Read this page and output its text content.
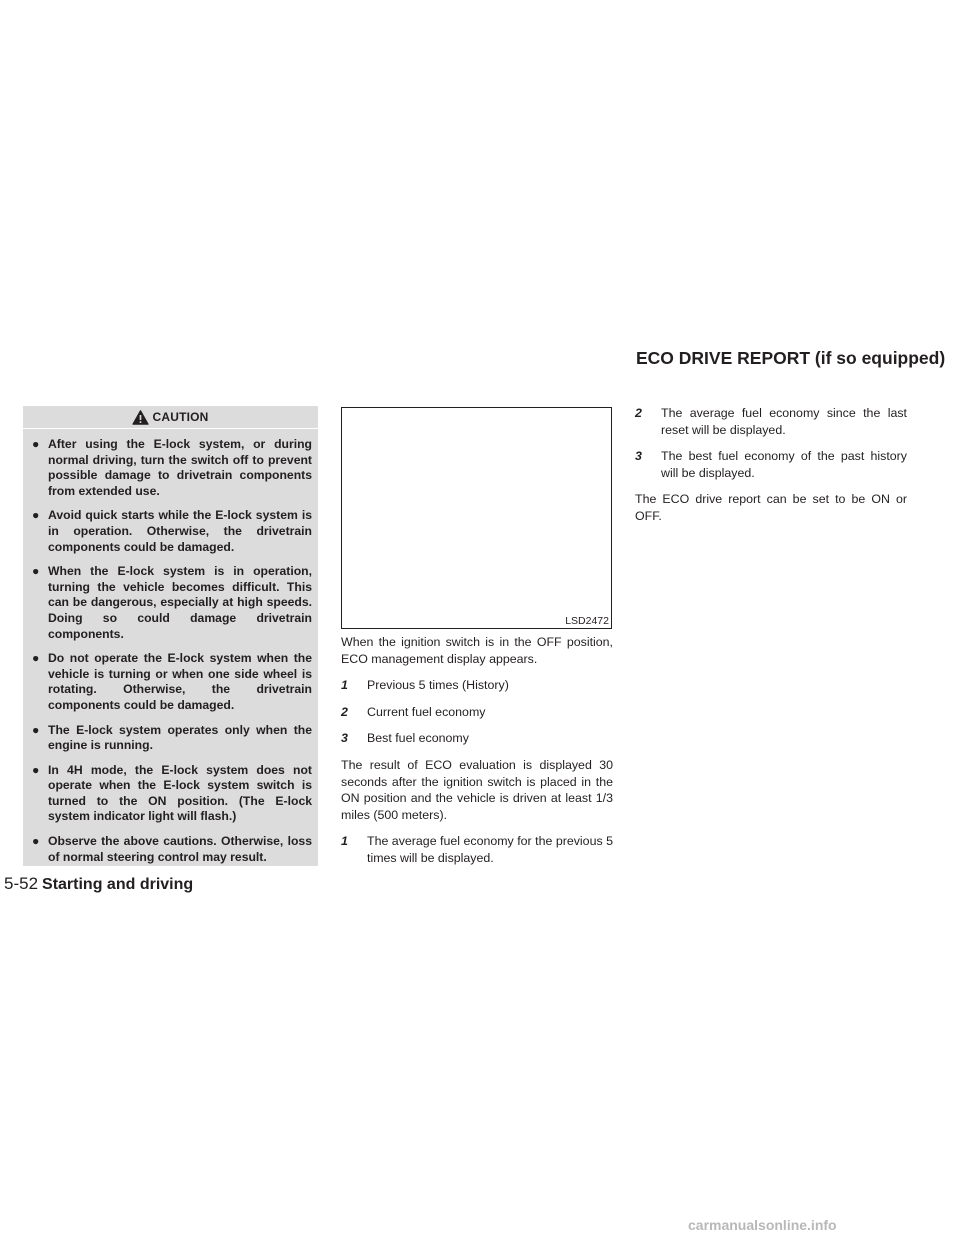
ECO DRIVE REPORT (if so equipped)
CAUTION
● After using the E-lock system, or during normal driving, turn the switch off to prevent possible damage to drivetrain components from extended use.
● Avoid quick starts while the E-lock system is in operation. Otherwise, the drivetrain components could be damaged.
● When the E-lock system is in operation, turning the vehicle becomes difficult. This can be dangerous, especially at high speeds. Doing so could damage drivetrain components.
● Do not operate the E-lock system when the vehicle is turning or when one side wheel is rotating. Otherwise, the drivetrain components could be damaged.
● The E-lock system operates only when the engine is running.
● In 4H mode, the E-lock system does not operate when the E-lock system switch is turned to the ON position. (The E-lock system indicator light will flash.)
● Observe the above cautions. Otherwise, loss of normal steering control may result.
LSD2472

When the ignition switch is in the OFF position, ECO management display appears.

1	Previous 5 times (History)
2	Current fuel economy
3	Best fuel economy

The result of ECO evaluation is displayed 30 seconds after the ignition switch is placed in the ON position and the vehicle is driven at least 1/3 miles (500 meters).

1	The average fuel economy for the previous 5 times will be displayed.
2	The average fuel economy since the last reset will be displayed.
3	The best fuel economy of the past history will be displayed.

The ECO drive report can be set to be ON or OFF.

5-52 Starting and driving
carmanualsonline.info
